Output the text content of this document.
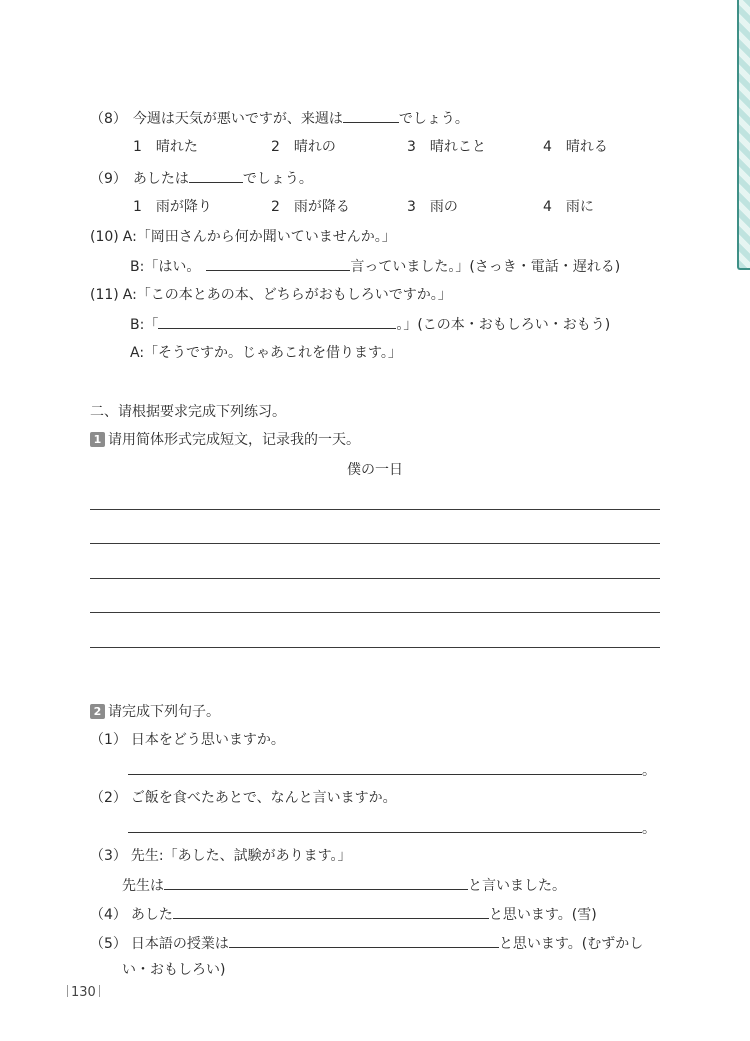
（8） 今週は天気が悪いですが、来週は	でしょう。
1　 晴れた	2　 晴れの	3　 晴れこと	4　 晴れる
（9） あしたは	でしょう。
1　 雨が降り	2　 雨が降る	3　 雨の	4　 雨に
(10) A:「岡田さんから何か聞いていませんか。」
B:「はい。	言っていました。」(さっき・電話・遅れる)
(11) A:「この本とあの本、どちらがおもしろいですか。」
B:「	。」(この本・おもしろい・おもう)
A:「そうですか。じゃあこれを借ります。」
二、请根据要求完成下列练习。
1 请用简体形式完成短文，记录我的一天。
僕の一日
2 请完成下列句子。
（1） 日本をどう思いますか。
。
（2） ご飯を食べたあとで、なんと言いますか。
。
（3） 先生:「あした、試験があります。」
先生は	と言いました。
（4） あした	と思います。(雪)
（5） 日本語の授業は	と思います。(むずかし
い・おもしろい)
130
